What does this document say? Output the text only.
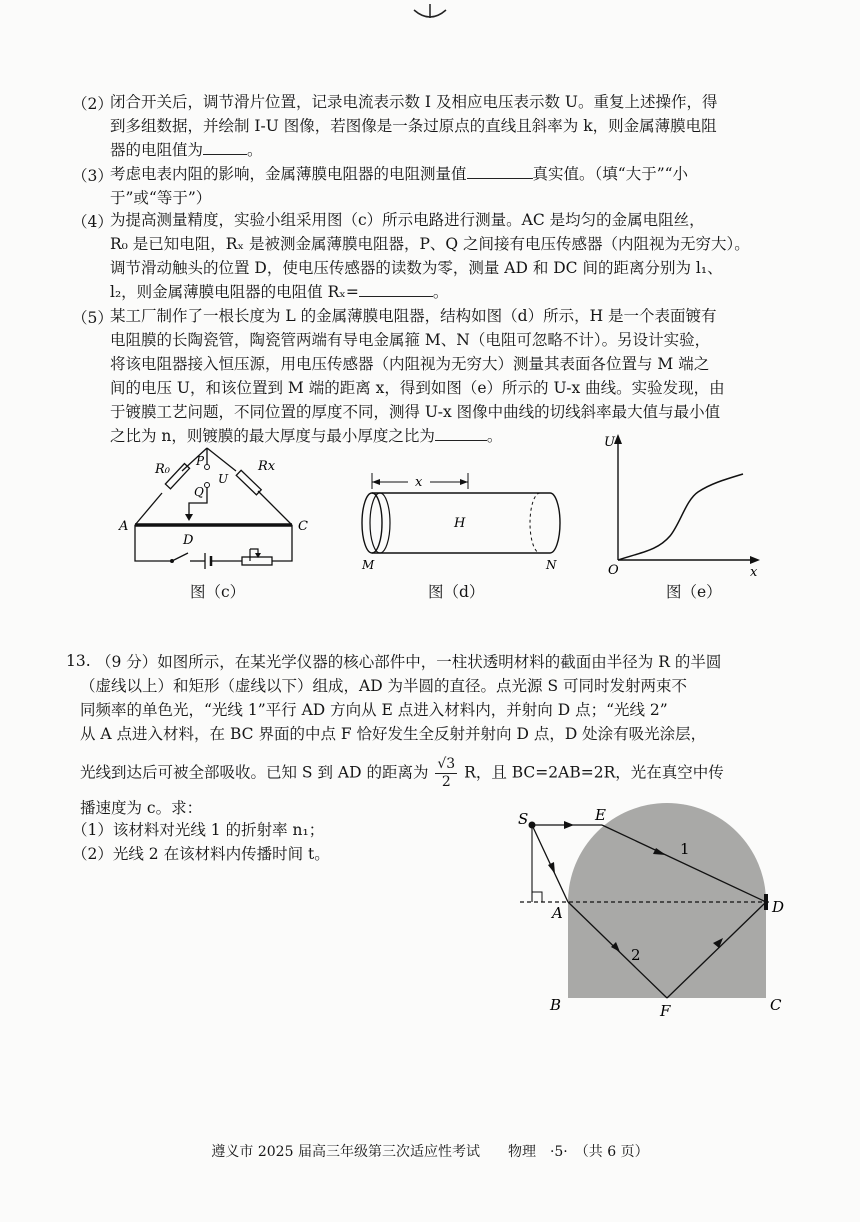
（2）
闭合开关后，调节滑片位置，记录电流表示数 I 及相应电压表示数 U。重复上述操作，得
到多组数据，并绘制 I-U 图像，若图像是一条过原点的直线且斜率为 k，则金属薄膜电阻
器的电阻值为	。
（3）
考虑电表内阻的影响，金属薄膜电阻器的电阻测量值	真实值。（填“大于”“小
于”或“等于”）
（4）
为提高测量精度，实验小组采用图（c）所示电路进行测量。AC 是均匀的金属电阻丝，
R₀ 是已知电阻，Rₓ 是被测金属薄膜电阻器，P、Q 之间接有电压传感器（内阻视为无穷大）。
调节滑动触头的位置 D，使电压传感器的读数为零，测量 AD 和 DC 间的距离分别为 l₁、
l₂，则金属薄膜电阻器的电阻值 Rₓ=	。
（5）
某工厂制作了一根长度为 L 的金属薄膜电阻器，结构如图（d）所示，H 是一个表面镀有
电阻膜的长陶瓷管，陶瓷管两端有导电金属箍 M、N（电阻可忽略不计）。另设计实验，
将该电阻器接入恒压源，用电压传感器（内阻视为无穷大）测量其表面各位置与 M 端之
间的电压 U，和该位置到 M 端的距离 x，得到如图（e）所示的 U-x 曲线。实验发现，由
于镀膜工艺问题，不同位置的厚度不同，测得 U-x 图像中曲线的切线斜率最大值与最小值
之比为 n，则镀膜的最大厚度与最小厚度之比为	。
R₀	Rx
P
Q
U
A	C
D
图（c）
x
H
M	N
图（d）
U
O	x
图（e）
13. （9 分）如图所示，在某光学仪器的核心部件中，一柱状透明材料的截面由半径为 R 的半圆
（虚线以上）和矩形（虚线以下）组成，AD 为半圆的直径。点光源 S 可同时发射两束不
同频率的单色光，“光线 1”平行 AD 方向从 E 点进入材料内，并射向 D 点；“光线 2”
从 A 点进入材料，在 BC 界面的中点 F 恰好发生全反射并射向 D 点，D 处涂有吸光涂层，
光线到达后可被全部吸收。已知 S 到 AD 的距离为 $\frac{√3}{2}$ R，且 BC=2AB=2R，光在真空中传
播速度为 c。求：
（1）该材料对光线 1 的折射率 n₁；
（2）光线 2 在该材料内传播时间 t。
S	E
A	D
B	F	C
1
2
遵义市 2025 届高三年级第三次适应性考试　　物理　·5·　（共 6 页）
